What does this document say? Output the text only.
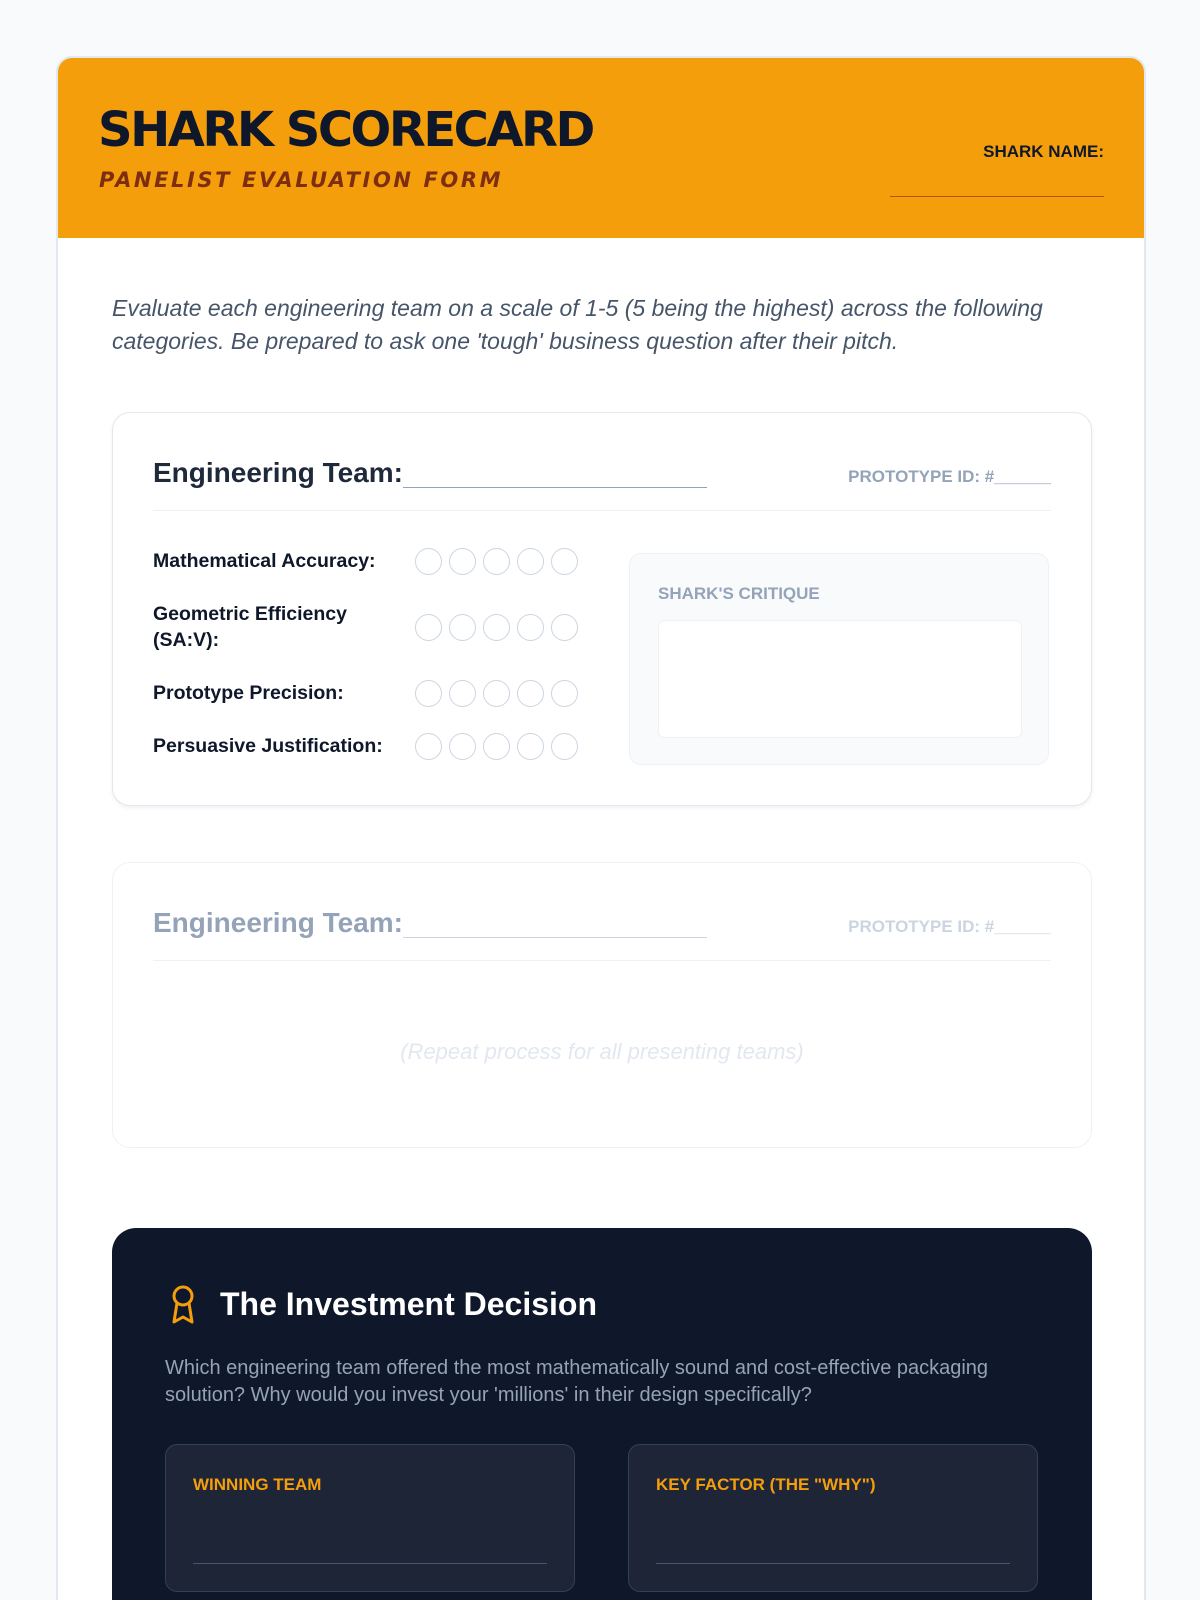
SHARK SCORECARD
PANELIST EVALUATION FORM
SHARK NAME:

Evaluate each engineering team on a scale of 1-5 (5 being the highest) across the following categories. Be prepared to ask one 'tough' business question after their pitch.

Engineering Team:	PROTOTYPE ID: #______
Mathematical Accuracy:
Geometric Efficiency (SA:V):
Prototype Precision:
Persuasive Justification:
SHARK'S CRITIQUE
Engineering Team:	PROTOTYPE ID: #______
(Repeat process for all presenting teams)
The Investment Decision

Which engineering team offered the most mathematically sound and cost-effective packaging solution? Why would you invest your 'millions' in their design specifically?

WINNING TEAM	KEY FACTOR (THE "WHY")
